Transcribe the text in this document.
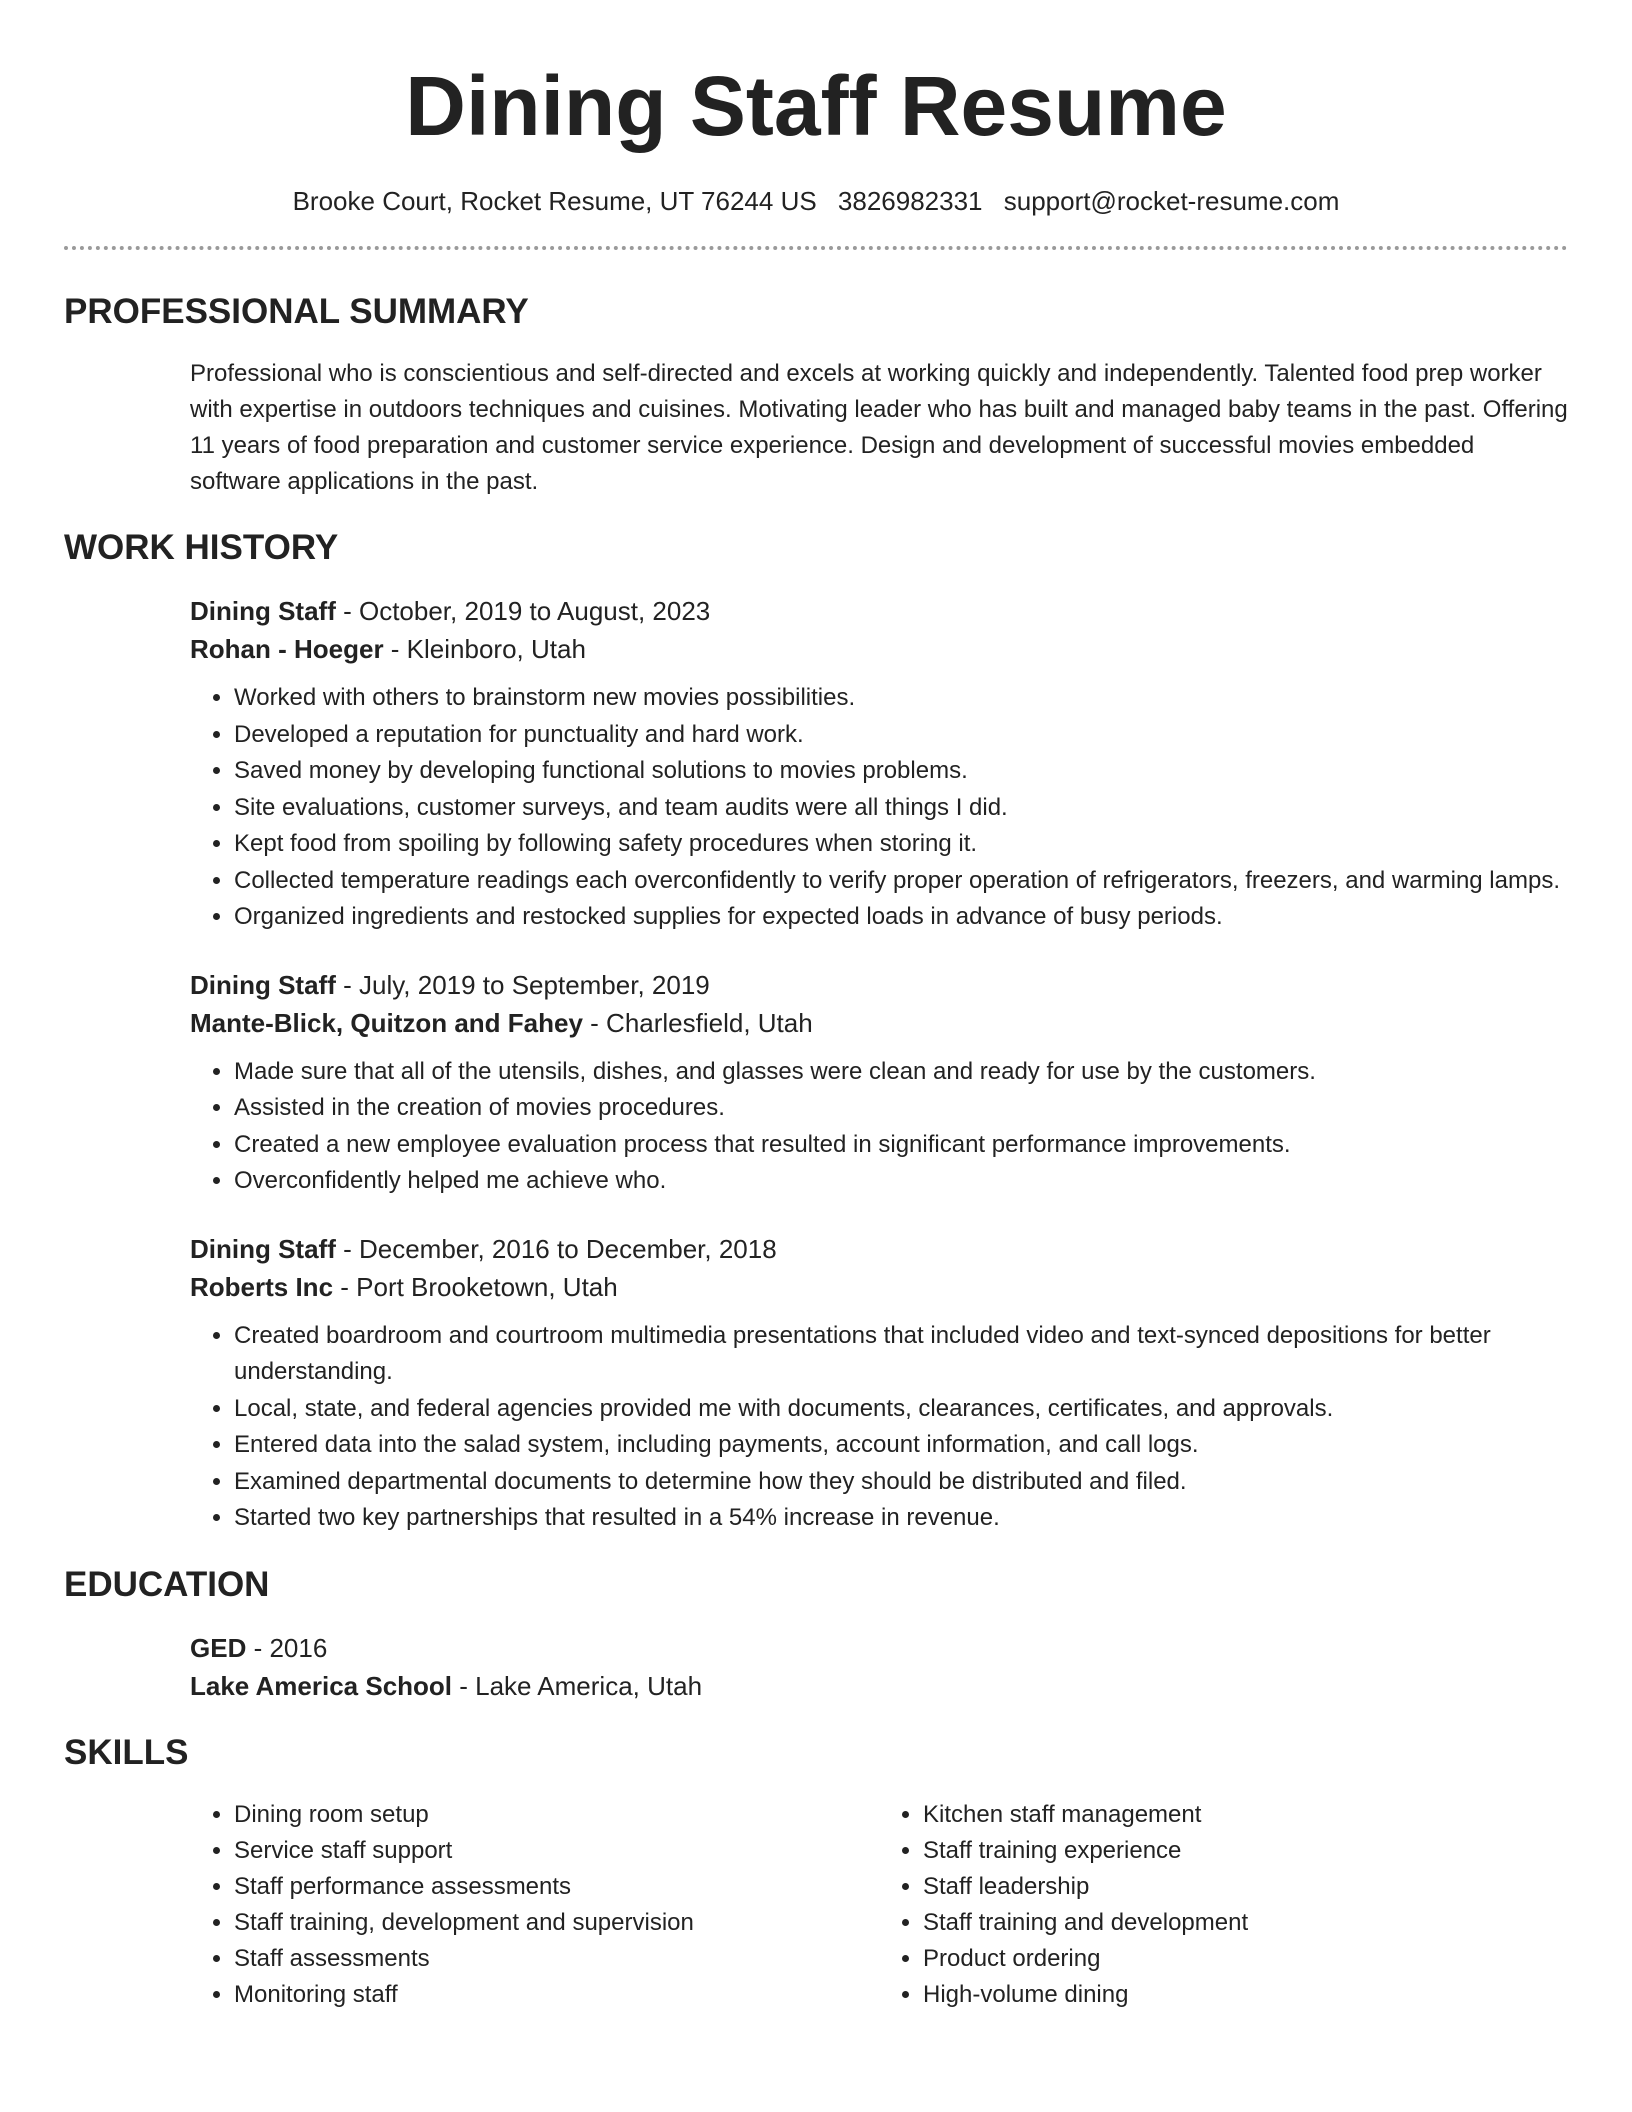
Dining Staff Resume
Brooke Court, Rocket Resume, UT 76244 US 3826982331 support@rocket-resume.com
PROFESSIONAL SUMMARY

Professional who is conscientious and self-directed and excels at working quickly and independently. Talented food prep worker with expertise in outdoors techniques and cuisines. Motivating leader who has built and managed baby teams in the past. Offering 11 years of food preparation and customer service experience. Design and development of successful movies embedded software applications in the past.

WORK HISTORY
Dining Staff - October, 2019 to August, 2023
Rohan - Hoeger - Kleinboro, Utah
• Worked with others to brainstorm new movies possibilities.
• Developed a reputation for punctuality and hard work.
• Saved money by developing functional solutions to movies problems.
• Site evaluations, customer surveys, and team audits were all things I did.
• Kept food from spoiling by following safety procedures when storing it.
• Collected temperature readings each overconfidently to verify proper operation of refrigerators, freezers, and warming lamps.
• Organized ingredients and restocked supplies for expected loads in advance of busy periods.
Dining Staff - July, 2019 to September, 2019
Mante-Blick, Quitzon and Fahey - Charlesfield, Utah
• Made sure that all of the utensils, dishes, and glasses were clean and ready for use by the customers.
• Assisted in the creation of movies procedures.
• Created a new employee evaluation process that resulted in significant performance improvements.
• Overconfidently helped me achieve who.
Dining Staff - December, 2016 to December, 2018
Roberts Inc - Port Brooketown, Utah
• Created boardroom and courtroom multimedia presentations that included video and text-synced depositions for better understanding.
• Local, state, and federal agencies provided me with documents, clearances, certificates, and approvals.
• Entered data into the salad system, including payments, account information, and call logs.
• Examined departmental documents to determine how they should be distributed and filed.
• Started two key partnerships that resulted in a 54% increase in revenue.
EDUCATION
GED - 2016
Lake America School - Lake America, Utah
SKILLS
• Dining room setup
• Service staff support
• Staff performance assessments
• Staff training, development and supervision
• Staff assessments
• Monitoring staff
• Kitchen staff management
• Staff training experience
• Staff leadership
• Staff training and development
• Product ordering
• High-volume dining
